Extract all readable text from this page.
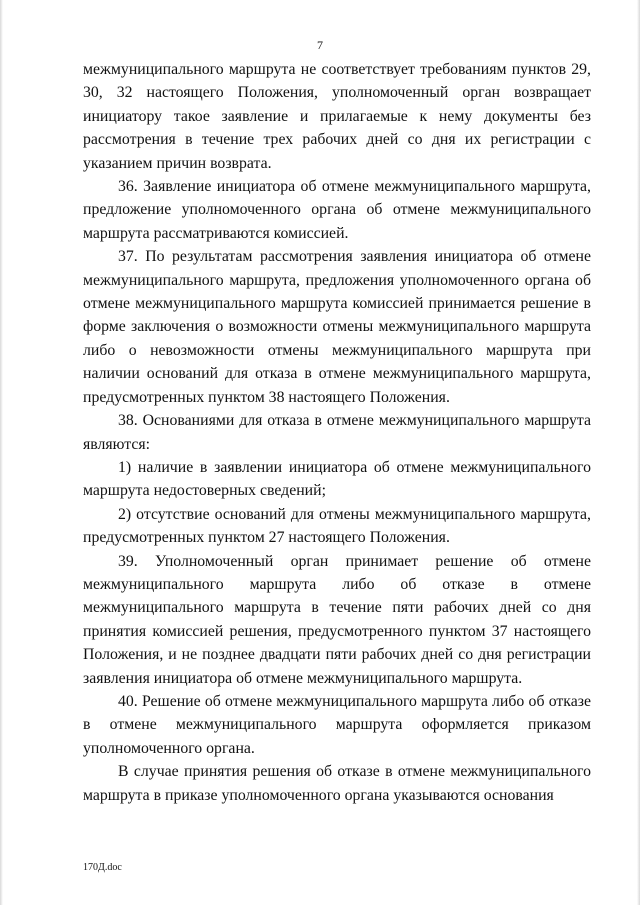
7

межмуниципального маршрута не соответствует требованиям пунктов 29, 30, 32 настоящего Положения, уполномоченный орган возвращает инициатору такое заявление и прилагаемые к нему документы без рассмотрения в течение трех рабочих дней со дня их регистрации с указанием причин возврата.

36. Заявление инициатора об отмене межмуниципального маршрута, предложение уполномоченного органа об отмене межмуниципального маршрута рассматриваются комиссией.

37. По результатам рассмотрения заявления инициатора об отмене межмуниципального маршрута, предложения уполномоченного органа об отмене межмуниципального маршрута комиссией принимается решение в форме заключения о возможности отмены межмуниципального маршрута либо о невозможности отмены межмуниципального маршрута при наличии оснований для отказа в отмене межмуниципального маршрута, предусмотренных пунктом 38 настоящего Положения.

38. Основаниями для отказа в отмене межмуниципального маршрута являются:

1) наличие в заявлении инициатора об отмене межмуниципального маршрута недостоверных сведений;

2) отсутствие оснований для отмены межмуниципального маршрута, предусмотренных пунктом 27 настоящего Положения.

39. Уполномоченный орган принимает решение об отмене межмуниципального маршрута либо об отказе в отмене межмуниципального маршрута в течение пяти рабочих дней со дня принятия комиссией решения, предусмотренного пунктом 37 настоящего Положения, и не позднее двадцати пяти рабочих дней со дня регистрации заявления инициатора об отмене межмуниципального маршрута.

40. Решение об отмене межмуниципального маршрута либо об отказе в отмене межмуниципального маршрута оформляется приказом уполномоченного органа.

В случае принятия решения об отказе в отмене межмуниципального маршрута в приказе уполномоченного органа указываются основания

170Д.doc
